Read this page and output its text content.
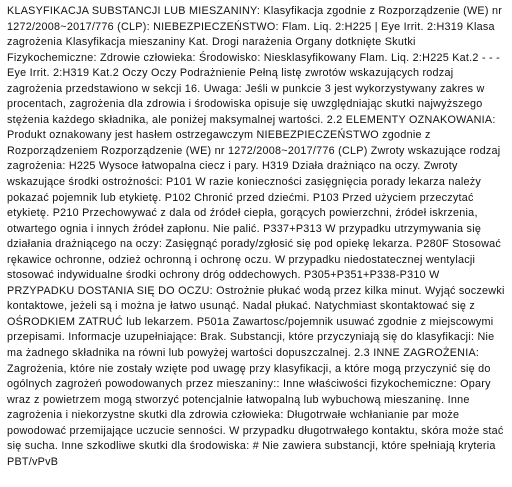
KLASYFIKACJA SUBSTANCJI LUB MIESZANINY: Klasyfikacja zgodnie z Rozporządzenie (WE) nr 1272/2008~2017/776 (CLP): NIEBEZPIECZEŃSTWO: Flam. Liq. 2:H225 | Eye Irrit. 2:H319 Klasa zagrożenia Klasyfikacja mieszaniny Kat. Drogi narażenia Organy dotknięte Skutki Fizykochemiczne: Zdrowie człowieka: Środowisko: Niesklasyfikowany Flam. Liq. 2:H225 Kat.2 - - - Eye Irrit. 2:H319 Kat.2 Oczy Oczy Podrażnienie Pełną listę zwrotów wskazujących rodzaj zagrożenia przedstawiono w sekcji 16. Uwaga: Jeśli w punkcie 3 jest wykorzystywany zakres w procentach, zagrożenia dla zdrowia i środowiska opisuje się uwzględniając skutki najwyższego stężenia każdego składnika, ale poniżej maksymalnej wartości. 2.2 ELEMENTY OZNAKOWANIA: Produkt oznakowany jest hasłem ostrzegawczym NIEBEZPIECZEŃSTWO zgodnie z Rozporządzeniem Rozporządzenie (WE) nr 1272/2008~2017/776 (CLP) Zwroty wskazujące rodzaj zagrożenia: H225 Wysoce łatwopalna ciecz i pary. H319 Działa drażniąco na oczy. Zwroty wskazujące środki ostrożności: P101 W razie konieczności zasięgnięcia porady lekarza należy pokazać pojemnik lub etykietę. P102 Chronić przed dziećmi. P103 Przed użyciem przeczytać etykietę. P210 Przechowywać z dala od źródeł ciepła, gorących powierzchni, źródeł iskrzenia, otwartego ognia i innych źródeł zapłonu. Nie palić. P337+P313 W przypadku utrzymywania się działania drażniącego na oczy: Zasięgnąć porady/zgłosić się pod opiekę lekarza. P280F Stosować rękawice ochronne, odzież ochronną i ochronę oczu. W przypadku niedostatecznej wentylacji stosować indywidualne środki ochrony dróg oddechowych. P305+P351+P338-P310 W PRZYPADKU DOSTANIA SIĘ DO OCZU: Ostrożnie płukać wodą przez kilka minut. Wyjąć soczewki kontaktowe, jeżeli są i można je łatwo usunąć. Nadal płukać. Natychmiast skontaktować się z OŚRODKIEM ZATRUĆ lub lekarzem. P501a Zawartosc/pojemnik usuwać zgodnie z miejscowymi przepisami. Informacje uzupełniające: Brak. Substancji, które przyczyniają się do klasyfikacji: Nie ma żadnego składnika na równi lub powyżej wartości dopuszczalnej. 2.3 INNE ZAGROŻENIA: Zagrożenia, które nie zostały wzięte pod uwagę przy klasyfikacji, a które mogą przyczynić się do ogólnych zagrożeń powodowanych przez mieszaniny:: Inne właściwości fizykochemiczne: Opary wraz z powietrzem mogą stworzyć potencjalnie łatwopalną lub wybuchową mieszaninę. Inne zagrożenia i niekorzystne skutki dla zdrowia człowieka: Długotrwałe wchłanianie par może powodować przemijające uczucie senności. W przypadku długotrwałego kontaktu, skóra może stać się sucha. Inne szkodliwe skutki dla środowiska: # Nie zawiera substancji, które spełniają kryteria PBT/vPvB
